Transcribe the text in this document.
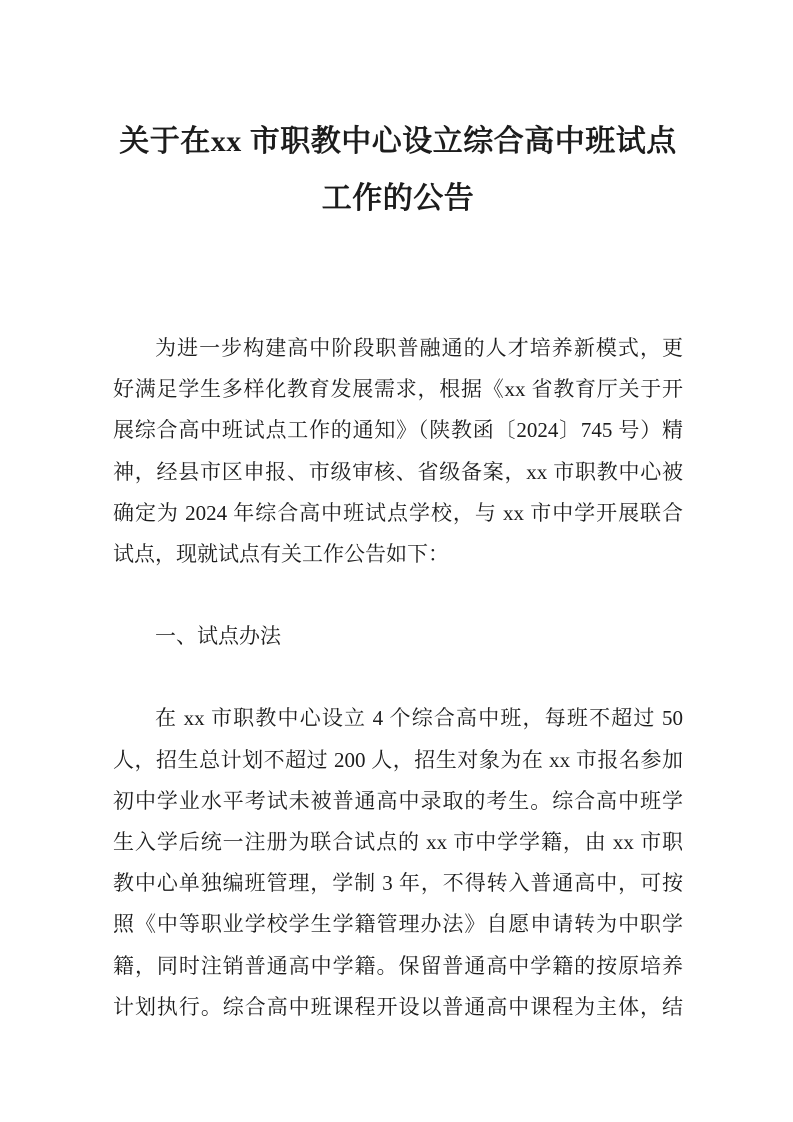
关于在xx 市职教中心设立综合高中班试点
工作的公告
为进一步构建高中阶段职普融通的人才培养新模式，更
好满足学生多样化教育发展需求，根据《xx 省教育厅关于开
展综合高中班试点工作的通知》（陕教函〔2024〕745 号）精
神，经县市区申报、市级审核、省级备案，xx 市职教中心被
确定为 2024 年综合高中班试点学校，与 xx 市中学开展联合
试点，现就试点有关工作公告如下：
一、试点办法
在 xx 市职教中心设立 4 个综合高中班，每班不超过 50
人，招生总计划不超过 200 人，招生对象为在 xx 市报名参加
初中学业水平考试未被普通高中录取的考生。综合高中班学
生入学后统一注册为联合试点的 xx 市中学学籍，由 xx 市职
教中心单独编班管理，学制 3 年，不得转入普通高中，可按
照《中等职业学校学生学籍管理办法》自愿申请转为中职学
籍，同时注销普通高中学籍。保留普通高中学籍的按原培养
计划执行。综合高中班课程开设以普通高中课程为主体，结
